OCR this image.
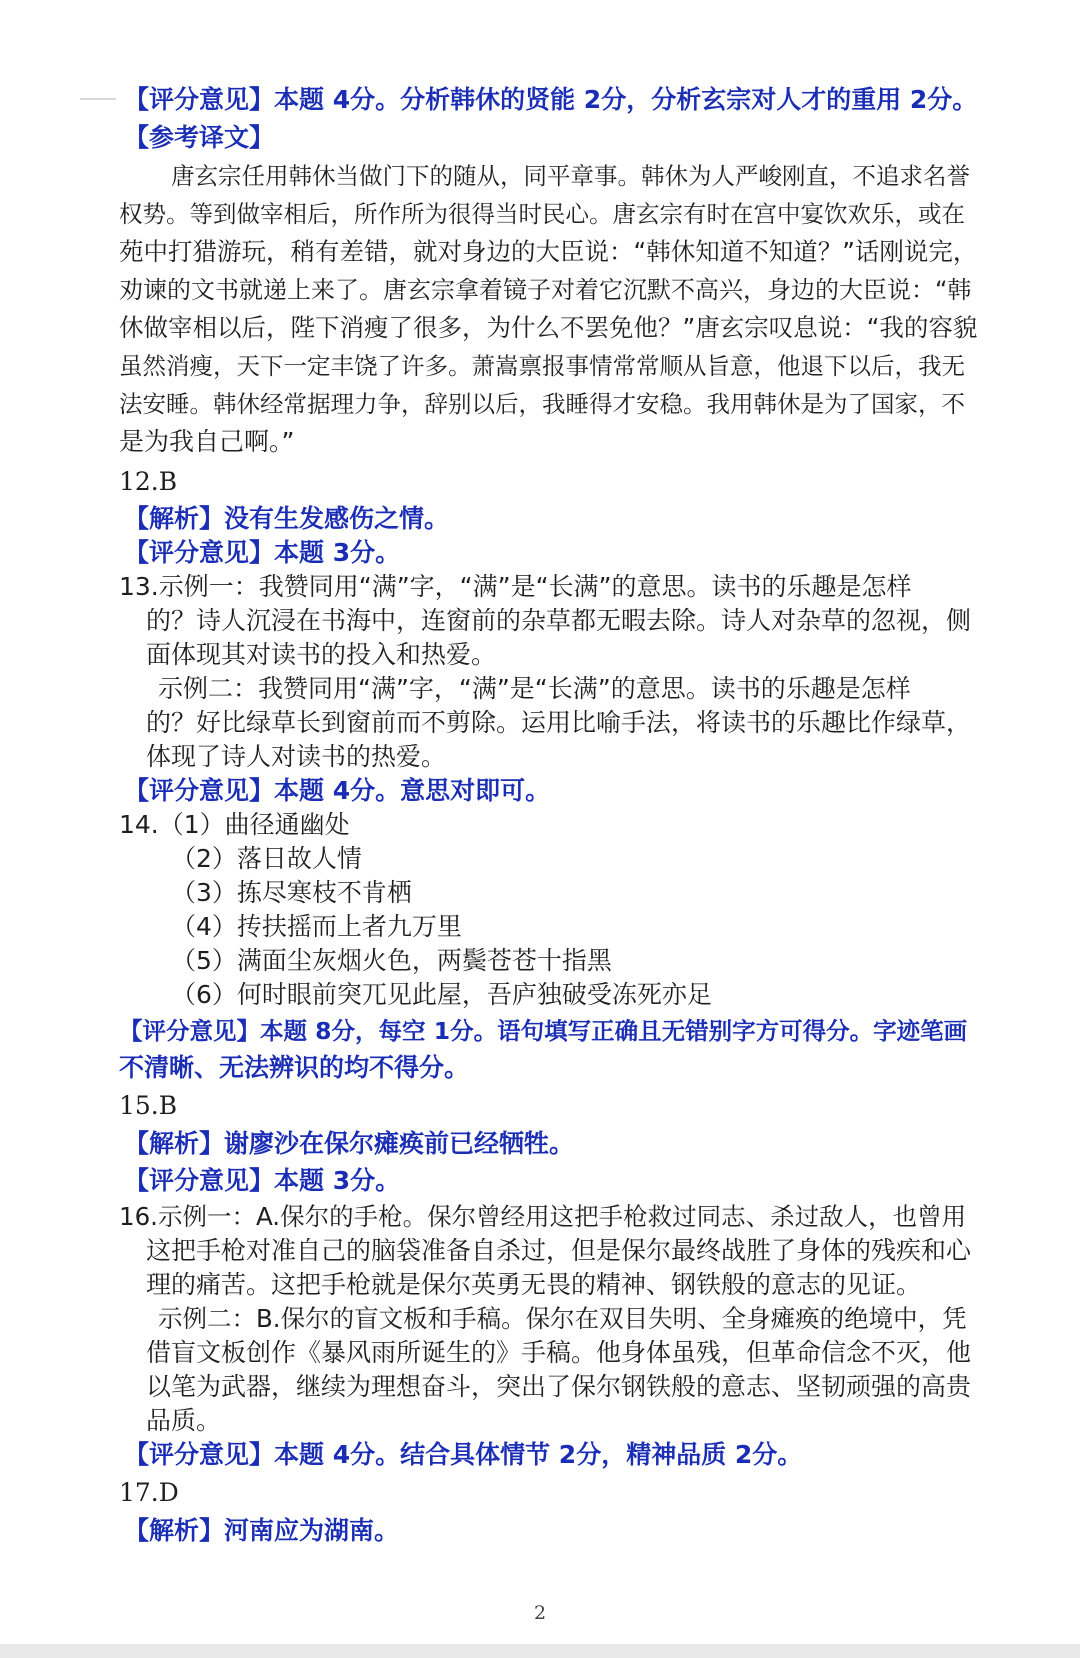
【评分意见】本题 4分。分析韩休的贤能 2分，分析玄宗对人才的重用 2分。
【参考译文】
唐玄宗任用韩休当做门下的随从，同平章事。韩休为人严峻刚直，不追求名誉
权势。等到做宰相后，所作所为很得当时民心。唐玄宗有时在宫中宴饮欢乐，或在
苑中打猎游玩，稍有差错，就对身边的大臣说：“韩休知道不知道？”话刚说完，
劝谏的文书就递上来了。唐玄宗拿着镜子对着它沉默不高兴，身边的大臣说：“韩
休做宰相以后，陛下消瘦了很多，为什么不罢免他？”唐玄宗叹息说：“我的容貌
虽然消瘦，天下一定丰饶了许多。萧嵩禀报事情常常顺从旨意，他退下以后，我无
法安睡。韩休经常据理力争，辞别以后，我睡得才安稳。我用韩休是为了国家，不
是为我自己啊。”
12.B
【解析】没有生发感伤之情。
【评分意见】本题 3分。
13.示例一：我赞同用“满”字，“满”是“长满”的意思。读书的乐趣是怎样
的？诗人沉浸在书海中，连窗前的杂草都无暇去除。诗人对杂草的忽视，侧
面体现其对读书的投入和热爱。
示例二：我赞同用“满”字，“满”是“长满”的意思。读书的乐趣是怎样
的？好比绿草长到窗前而不剪除。运用比喻手法，将读书的乐趣比作绿草，
体现了诗人对读书的热爱。
【评分意见】本题 4分。意思对即可。
14.（1）曲径通幽处
（2）落日故人情
（3）拣尽寒枝不肯栖
（4）抟扶摇而上者九万里
（5）满面尘灰烟火色，两鬓苍苍十指黑
（6）何时眼前突兀见此屋，吾庐独破受冻死亦足
【评分意见】本题 8分，每空 1分。语句填写正确且无错别字方可得分。字迹笔画
不清晰、无法辨识的均不得分。
15.B
【解析】谢廖沙在保尔瘫痪前已经牺牲。
【评分意见】本题 3分。
16.示例一：A.保尔的手枪。保尔曾经用这把手枪救过同志、杀过敌人，也曾用
这把手枪对准自己的脑袋准备自杀过，但是保尔最终战胜了身体的残疾和心
理的痛苦。这把手枪就是保尔英勇无畏的精神、钢铁般的意志的见证。
示例二：B.保尔的盲文板和手稿。保尔在双目失明、全身瘫痪的绝境中，凭
借盲文板创作《暴风雨所诞生的》手稿。他身体虽残，但革命信念不灭，他
以笔为武器，继续为理想奋斗，突出了保尔钢铁般的意志、坚韧顽强的高贵
品质。
【评分意见】本题 4分。结合具体情节 2分，精神品质 2分。
17.D
【解析】河南应为湖南。
2
